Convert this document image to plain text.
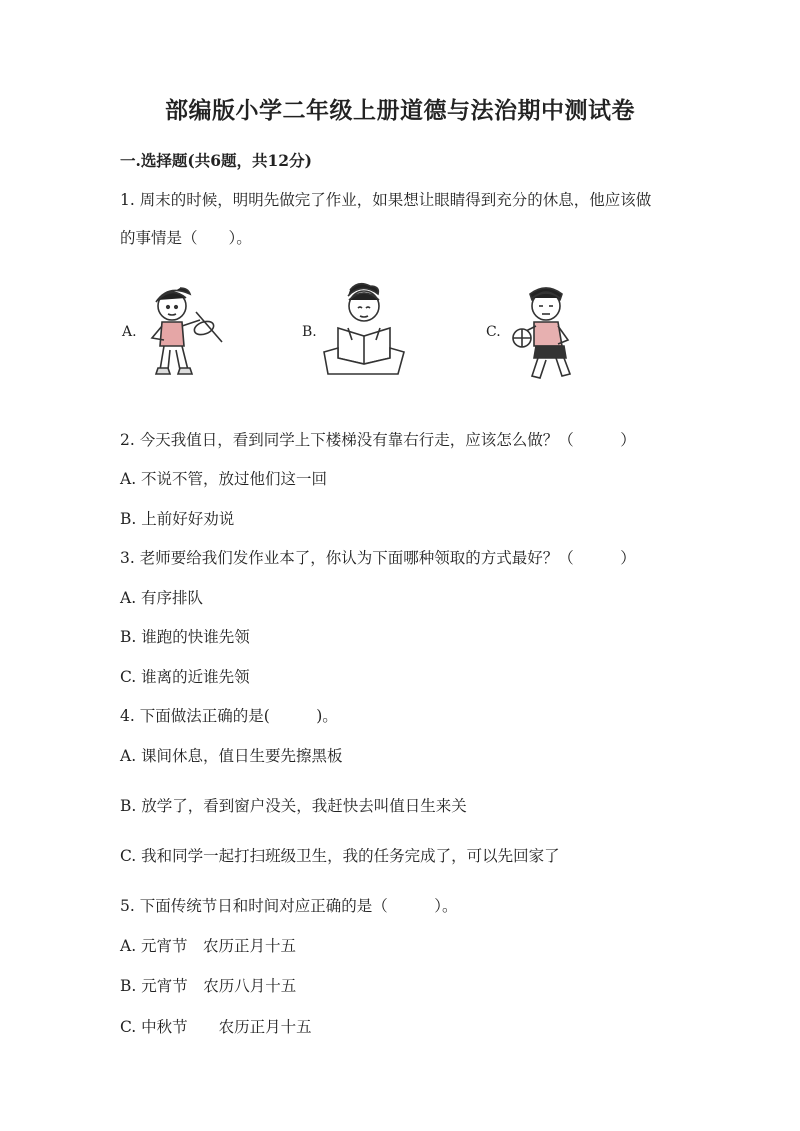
部编版小学二年级上册道德与法治期中测试卷
一.选择题(共6题，共12分)
1. 周末的时候，明明先做完了作业，如果想让眼睛得到充分的休息，他应该做
的事情是（　　）。
A.	B.	C.
2. 今天我值日，看到同学上下楼梯没有靠右行走，应该怎么做？（　　　）
A. 不说不管，放过他们这一回
B. 上前好好劝说
3. 老师要给我们发作业本了，你认为下面哪种领取的方式最好？（　　　）
A. 有序排队
B. 谁跑的快谁先领
C. 谁离的近谁先领
4. 下面做法正确的是(　　　)。
A. 课间休息，值日生要先擦黑板
B. 放学了，看到窗户没关，我赶快去叫值日生来关
C. 我和同学一起打扫班级卫生，我的任务完成了，可以先回家了
5. 下面传统节日和时间对应正确的是（　　　）。
A. 元宵节　农历正月十五
B. 元宵节　农历八月十五
C. 中秋节　　农历正月十五
